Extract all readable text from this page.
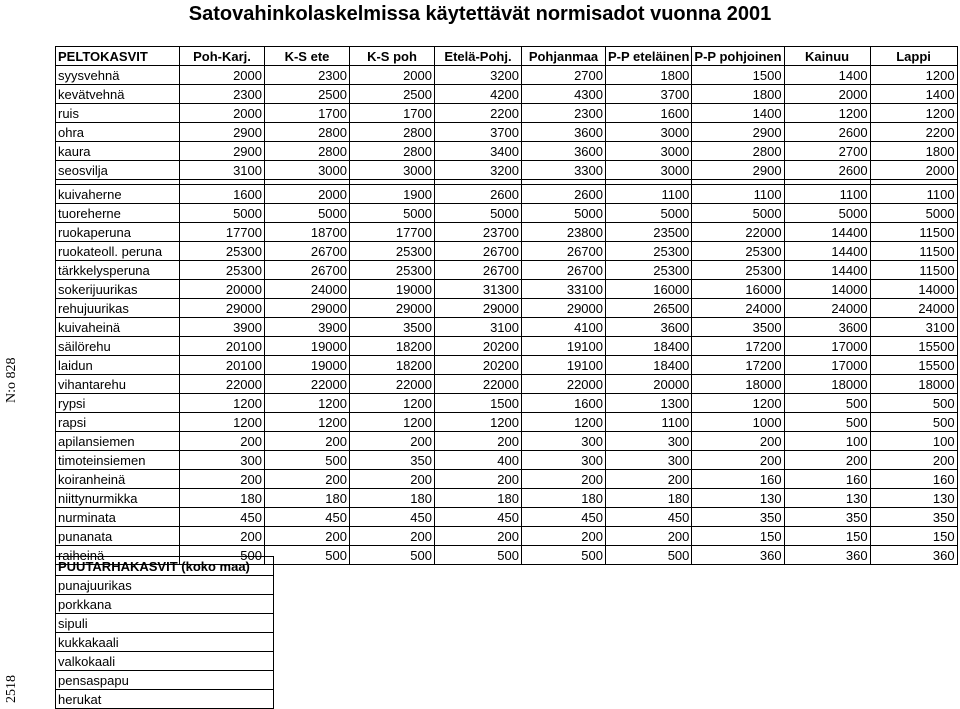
Satovahinkolaskelmissa käytettävät normisadot vuonna 2001
N:o 828
2518
PELTOKASVIT	Poh-Karj.	K-S ete	K-S poh	Etelä-Pohj.	Pohjanmaa	P-P eteläinen	P-P pohjoinen	Kainuu	Lappi
syysvehnä	2000	2300	2000	3200	2700	1800	1500	1400	1200
kevätvehnä	2300	2500	2500	4200	4300	3700	1800	2000	1400
ruis	2000	1700	1700	2200	2300	1600	1400	1200	1200
ohra	2900	2800	2800	3700	3600	3000	2900	2600	2200
kaura	2900	2800	2800	3400	3600	3000	2800	2700	1800
seosvilja	3100	3000	3000	3200	3300	3000	2900	2600	2000

kuivaherne	1600	2000	1900	2600	2600	1100	1100	1100	1100
tuoreherne	5000	5000	5000	5000	5000	5000	5000	5000	5000
ruokaperuna	17700	18700	17700	23700	23800	23500	22000	14400	11500
ruokateoll. peruna	25300	26700	25300	26700	26700	25300	25300	14400	11500
tärkkelysperuna	25300	26700	25300	26700	26700	25300	25300	14400	11500
sokerijuurikas	20000	24000	19000	31300	33100	16000	16000	14000	14000
rehujuurikas	29000	29000	29000	29000	29000	26500	24000	24000	24000
kuivaheinä	3900	3900	3500	3100	4100	3600	3500	3600	3100
säilörehu	20100	19000	18200	20200	19100	18400	17200	17000	15500
laidun	20100	19000	18200	20200	19100	18400	17200	17000	15500
vihantarehu	22000	22000	22000	22000	22000	20000	18000	18000	18000
rypsi	1200	1200	1200	1500	1600	1300	1200	500	500
rapsi	1200	1200	1200	1200	1200	1100	1000	500	500
apilansiemen	200	200	200	200	300	300	200	100	100
timoteinsiemen	300	500	350	400	300	300	200	200	200
koiranheinä	200	200	200	200	200	200	160	160	160
niittynurmikka	180	180	180	180	180	180	130	130	130
nurminata	450	450	450	450	450	450	350	350	350
punanata	200	200	200	200	200	200	150	150	150
raiheinä	500	500	500	500	500	500	360	360	360
PUUTARHAKASVIT (koko maa)
punajuurikas
porkkana
sipuli
kukkakaali
valkokaali
pensaspapu
herukat
